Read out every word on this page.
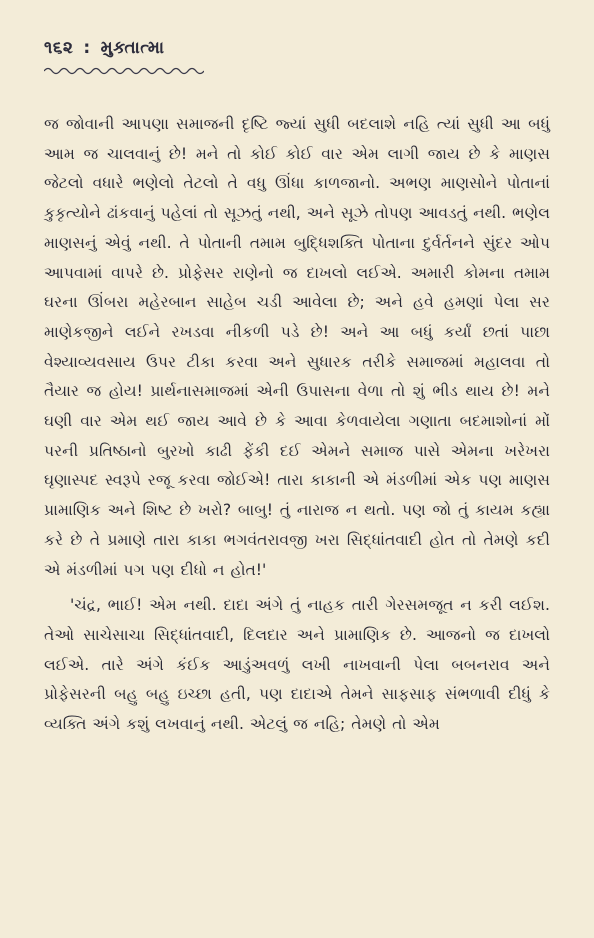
૧૬૨ : મુક્તાત્મા

જ જોવાની આપણા સમાજની દૃષ્ટિ જ્યાં સુધી બદલાશે નહિ ત્યાં સુધી આ બધું આમ જ ચાલવાનું છે! મને તો કોઈ કોઈ વાર એમ લાગી જાય છે કે માણસ જેટલો વધારે ભણેલો તેટલો તે વધુ ઊંધા કાળજાનો. અભણ માણસોને પોતાનાં કુકૃત્યોને ઢાંકવાનું પહેલાં તો સૂઝતું નથી, અને સૂઝે તોપણ આવડતું નથી. ભણેલ માણસનું એવું નથી. તે પોતાની તમામ બુદ્ધિશક્તિ પોતાના દુર્વર્તનને સુંદર ઓપ આપવામાં વાપરે છે. પ્રોફેસર રાણેનો જ દાખલો લઈએ. અમારી કોમના તમામ ઘરના ઊંબરા મહેરબાન સાહેબ ચડી આવેલા છે; અને હવે હમણાં પેલા સર માણેકજીને લઈને રખડવા નીકળી પડે છે! અને આ બધું કર્યાં છતાં પાછા વેશ્યાવ્યવસાય ઉપર ટીકા કરવા અને સુધારક તરીકે સમાજમાં મહાલવા તો તૈયાર જ હોય! પ્રાર્થનાસમાજમાં એની ઉપાસના વેળા તો શું ભીડ થાય છે! મને ઘણી વાર એમ થઈ જાય આવે છે કે આવા કેળવાયેલા ગણાતા બદમાશોનાં મોં પરની પ્રતિષ્ઠાનો બુરખો કાઢી ફેંકી દઈ એમને સમાજ પાસે એમના ખરેખરા ઘૃણાસ્પદ સ્વરૂપે રજૂ કરવા જોઈએ! તારા કાકાની એ મંડળીમાં એક પણ માણસ પ્રામાણિક અને શિષ્ટ છે ખરો? બાબુ! તું નારાજ ન થતો. પણ જો તું કાયમ કહ્યા કરે છે તે પ્રમાણે તારા કાકા ભગવંતરાવજી ખરા સિદ્ધાંતવાદી હોત તો તેમણે કદી એ મંડળીમાં પગ પણ દીધો ન હોત!'

'ચંદ્ર, ભાઈ! એમ નથી. દાદા અંગે તું નાહક તારી ગેરસમજૂત ન કરી લઈશ. તેઓ સાચેસાચા સિદ્ધાંતવાદી, દિલદાર અને પ્રામાણિક છે. આજનો જ દાખલો લઈએ. તારે અંગે કંઈક આડુંઅવળું લખી નાખવાની પેલા બબનરાવ અને પ્રોફેસરની બહુ બહુ ઇચ્છા હતી, પણ દાદાએ તેમને સાફસાફ સંભળાવી દીધું કે વ્યક્તિ અંગે કશું લખવાનું નથી. એટલું જ નહિ; તેમણે તો એમ
